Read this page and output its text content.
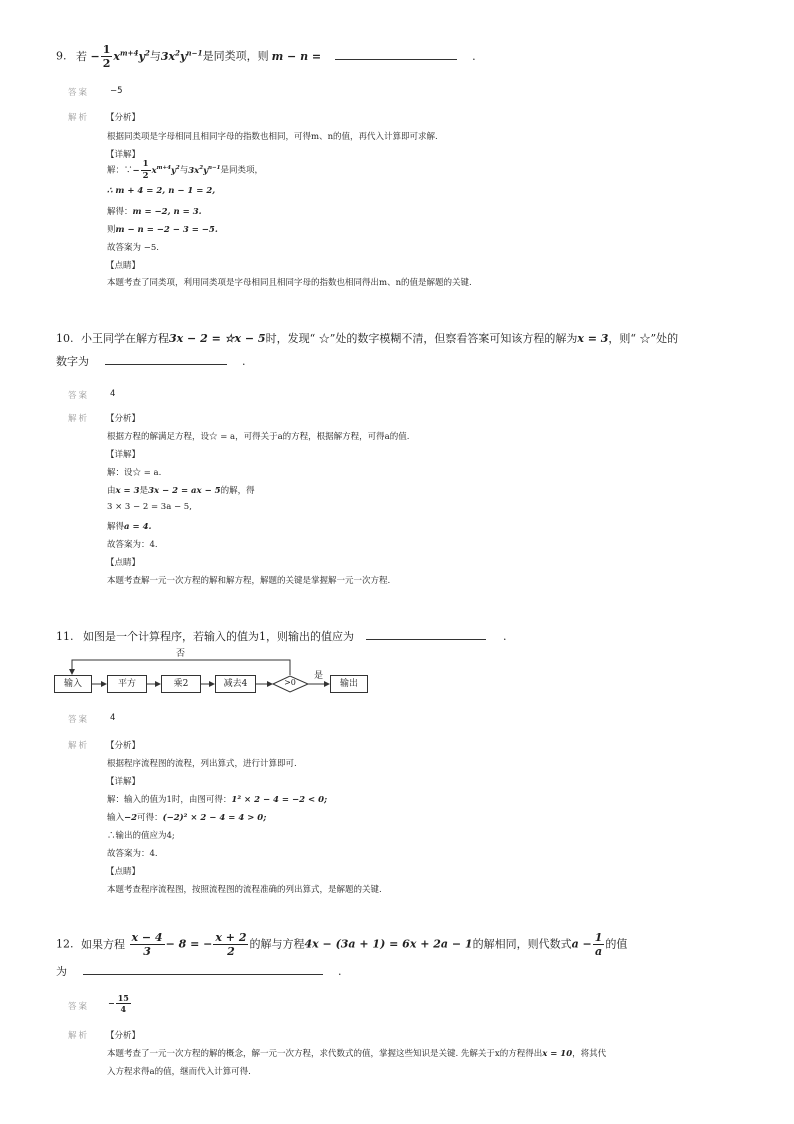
9. 若 − $\frac{1}{2} x^{m+4}y^2$与$3x^2y^{n-1}$是同类项，则 m − n =	.
答案 −5
解析 【分析】
根据同类项是字母相同且相同字母的指数也相同，可得m、n的值，再代入计算即可求解.
【详解】
解：∵− $\frac{1}{2} x^{m+4}y^2$与$3x^2y^{n-1}$是同类项，
∴ m + 4 = 2, n − 1 = 2,
解得：m = −2, n = 3.
则m − n = −2 − 3 = −5.
故答案为 −5.
【点睛】
本题考查了同类项，利用同类项是字母相同且相同字母的指数也相同得出m、n的值是解题的关键.
10. 小王同学在解方程3x − 2 = ☆x − 5时，发现“ ☆”处的数字模糊不清，但察看答案可知该方程的解为x = 3，则“ ☆”处的
数字为	.
答案 4
解析 【分析】
根据方程的解满足方程，设☆ = a，可得关于a的方程，根据解方程，可得a的值.
【详解】
解：设☆ = a.
由x = 3是3x − 2 = ax − 5的解，得
3 × 3 − 2 = 3a − 5,
解得a = 4.
故答案为：4.
【点睛】
本题考查解一元一次方程的解和解方程，解题的关键是掌握解一元一次方程.
11. 如图是一个计算程序，若输入的值为1，则输出的值应为	.
输入	平方	乘2	减去4	>0
是
否
输出
答案 4
解析 【分析】
根据程序流程图的流程，列出算式，进行计算即可.
【详解】
解：输入的值为1时，由图可得：1² × 2 − 4 = −2 < 0;
输入−2可得：(−2)² × 2 − 4 = 4 > 0;
∴输出的值应为4;
故答案为：4.
【点睛】
本题考查程序流程图，按照流程图的流程准确的列出算式，是解题的关键.
12. 如果方程 $\frac{x - 4}{3} - 8$ = − $\frac{x + 2}{2}$ 的解与方程4x − (3a + 1) = 6x + 2a − 1的解相同，则代数式$a - \frac{1}{a}$ 的值
为	.
答案 − $\frac{15}{4}$
解析 【分析】
本题考查了一元一次方程的解的概念，解一元一次方程，求代数式的值，掌握这些知识是关键. 先解关于x的方程得出x = 10，将其代
入方程求得a的值，继而代入计算可得.
